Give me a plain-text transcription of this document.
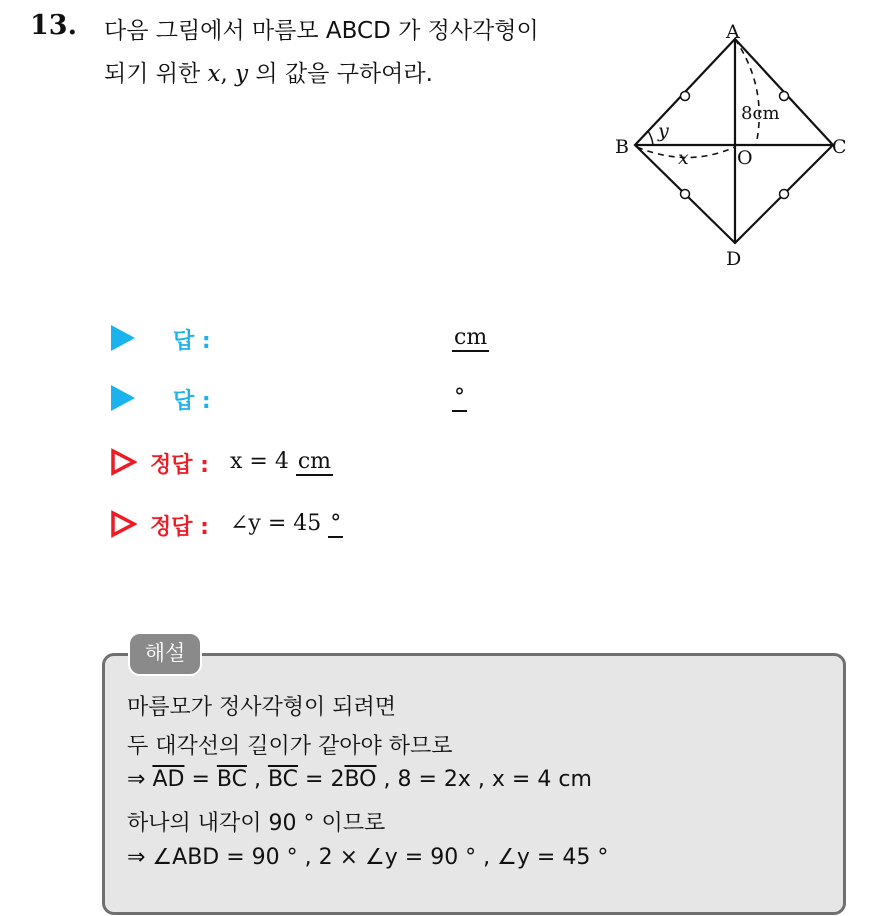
13. 다음 그림에서 마름모 ABCD 가 정사각형이
되기 위한 x, y 의 값을 구하여라.
A
B	C
D
O
8cm
x
y
답 :	cm
답 :	°
정답 : x = 4 cm
정답 : ∠y = 45 °
해설
마름모가 정사각형이 되려면
두 대각선의 길이가 같아야 하므로
⇒ $\overline{AD} = \overline{BC}$ , $\overline{BC} = 2\overline{BO}$ , 8 = 2x , x = 4 cm
하나의 내각이 90 ° 이므로
⇒ ∠ABD = 90 ° , 2 × ∠y = 90 ° , ∠y = 45 °
